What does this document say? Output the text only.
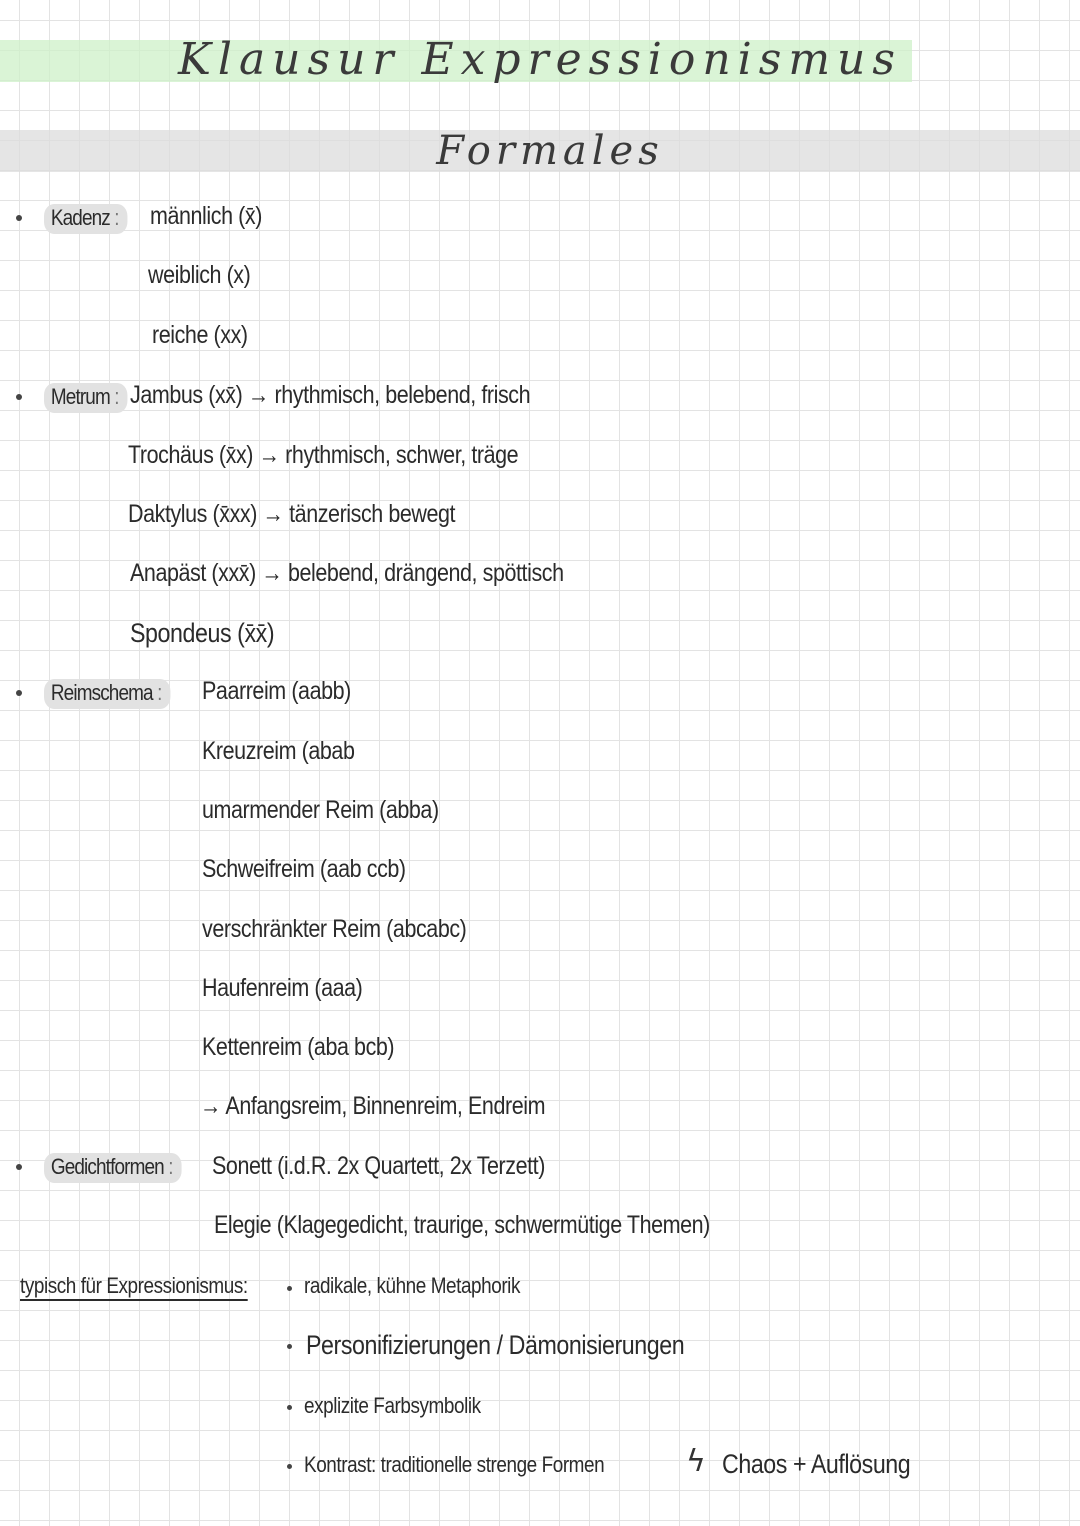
Klausur Expressionismus
Formales
Kadenz :	männlich (x̄)
weiblich (x)
reiche (xx)
Metrum : Jambus (xx̄) → rhythmisch, belebend, frisch
Trochäus (x̄x) → rhythmisch, schwer, träge
Daktylus (x̄xx) → tänzerisch bewegt
Anapäst (xxx̄) → belebend, drängend, spöttisch
Spondeus (x̄x̄)
Reimschema :	Paarreim (aabb)
Kreuzreim (abab
umarmender Reim (abba)
Schweifreim (aab ccb)
verschränkter Reim (abcabc)
Haufenreim (aaa)
Kettenreim (aba bcb)
→ Anfangsreim, Binnenreim, Endreim
Gedichtformen :	Sonett (i.d.R. 2x Quartett, 2x Terzett)
Elegie (Klagegedicht, traurige, schwermütige Themen)
typisch für Expressionismus:	radikale, kühne Metaphorik
Personifizierungen / Dämonisierungen
explizite Farbsymbolik
Kontrast: traditionelle strenge Formen	ϟ Chaos + Auflösung
